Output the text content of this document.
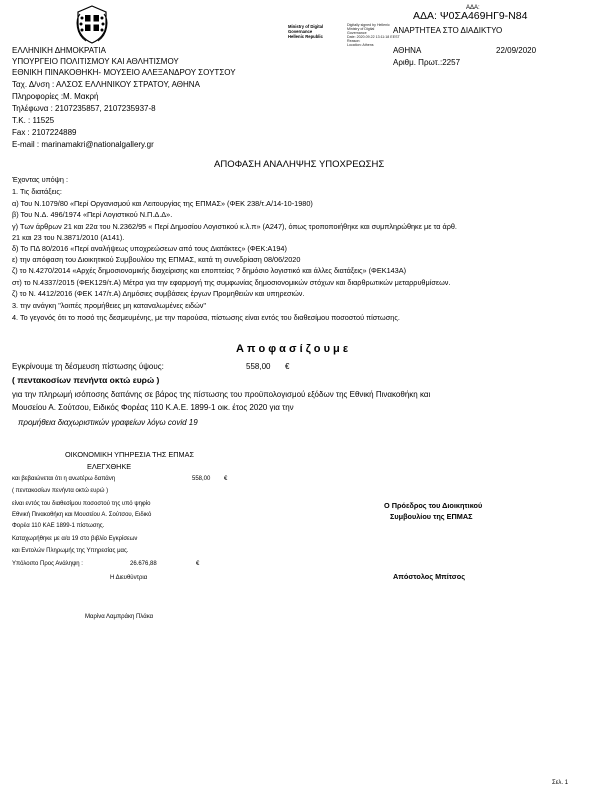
Ministry of Digital
Governance
Hellenic Republic
Digitally signed by Hellenic
Ministry of Digital
Governance
Date: 2020.09.22 13:11:18 EEST
Reason:
Location: Athens
ΑΔΑ:
ΑΔΑ: Ψ0ΣΑ469ΗΓ9-Ν84
ΑΝΑΡΤΗΤΕΑ ΣΤΟ ΔΙΑΔΙΚΤΥΟ
ΕΛΛΗΝΙΚΗ ΔΗΜΟΚΡΑΤΙΑ
ΥΠΟΥΡΓΕΙΟ ΠΟΛΙΤΙΣΜΟΥ ΚΑΙ ΑΘΛΗΤΙΣΜΟΥ
ΕΘΝΙΚΗ ΠΙΝΑΚΟΘΗΚΗ- ΜΟΥΣΕΙΟ ΑΛΕΞΑΝΔΡΟΥ ΣΟΥΤΣΟΥ
Ταχ. Δ/νση : ΑΛΣΟΣ ΕΛΛΗΝΙΚΟΥ ΣΤΡΑΤΟΥ, ΑΘΗΝΑ
Πληροφορίες :Μ. Μακρή
Τηλέφωνα : 2107235857, 2107235937-8
Τ.Κ. : 11525
Fax : 2107224889
E-mail : marinamakri@nationalgallery.gr
ΑΘΗΝΑ	22/09/2020
Αριθμ. Πρωτ.:2257
ΑΠΟΦΑΣΗ ΑΝΑΛΗΨΗΣ ΥΠΟΧΡΕΩΣΗΣ
Έχοντας υπόψη :
1. Τις διατάξεις:
α) Του Ν.1079/80 «Περί Οργανισμού και Λειτουργίας της ΕΠΜΑΣ» (ΦΕΚ 238/τ.Α/14-10-1980)
β) Του Ν.Δ. 496/1974 «Περί Λογιστικού Ν.Π.Δ.Δ».
γ) Των άρθρων 21 και 22α του Ν.2362/95 « Περί Δημοσίου Λογιστικού κ.λ.π» (Α247), όπως τροποποιήθηκε και συμπληρώθηκε με τα άρθ.
21 και 23 του Ν.3871/2010 (Α141).
δ) Το ΠΔ 80/2016 «Περί αναλήψεως υποχρεώσεων από τους Διατάκτες» (ΦΕΚ:Α194)
ε) την απόφαση του Διοικητικού Συμβουλίου της ΕΠΜΑΣ, κατά τη συνεδρίαση 08/06/2020
ζ) το Ν.4270/2014 «Αρχές δημοσιονομικής διαχείρισης και εποπτείας ? δημόσιο λογιστικό και άλλες διατάξεις» (ΦΕΚ143Α)
στ) το Ν.4337/2015 (ΦΕΚ129/τ.Α) Μέτρα για την εφαρμογή της συμφωνίας δημοσιονομικών στόχων και διαρθρωτικών μεταρρυθμίσεων.
ζ) το Ν. 4412/2016 (ΦΕΚ 147/τ.Α) Δημόσιες συμβάσεις έργων Προμηθειών και υπηρεσιών.
3. την ανάγκη "λοιπές προμήθειες μη καταναλωμένες ειδών"
4. Το γεγονός ότι το ποσό της δεσμευμένης, με την παρούσα, πίστωσης είναι εντός του διαθεσίμου ποσοστού πίστωσης.
Α π ο φ α σ ί ζ ο υ μ ε
Εγκρίνουμε τη δέσμευση πίστωσης ύψους:	558,00 €
( πεντακοσίων πενήντα οκτώ ευρώ )
για την πληρωμή ισόποσης δαπάνης σε βάρος της πίστωσης του προϋπολογισμού εξόδων της Εθνική Πινακοθήκη και
Μουσείου Α. Σούτσου, Ειδικός Φορέας 110 Κ.Α.Ε. 1899-1 οικ. έτος 2020 για την
προμήθεια διαχωριστικών γραφείων λόγω covid 19
ΟΙΚΟΝΟΜΙΚΗ ΥΠΗΡΕΣΙΑ ΤΗΣ ΕΠΜΑΣ
ΕΛΕΓΧΘΗΚΕ
και βεβαιώνεται ότι η ανωτέρω δαπάνη	558,00 €
( πεντακοσίων πενήντα οκτώ ευρώ )
είναι εντός του διαθεσίμου ποσοστού της υπό ψηφίο
Εθνική Πινακοθήκη και Μουσείου Α. Σούτσου, Ειδικό
Φορέα 110 ΚΑΕ 1899-1 πίστωσης.
Καταχωρήθηκε με α/α 19 στο βιβλίο Εγκρίσεων
και Εντολών Πληρωμής της Υπηρεσίας μας.
Υπόλοιπο Προς Ανάληψη :	26.676,88	€
Η Διευθύντρια
Μαρίνα Λαμπράκη Πλάκα
Ο Πρόεδρος του Διοικητικού
Συμβουλίου της ΕΠΜΑΣ
Απόστολος Μπίτσος
Σελ. 1
